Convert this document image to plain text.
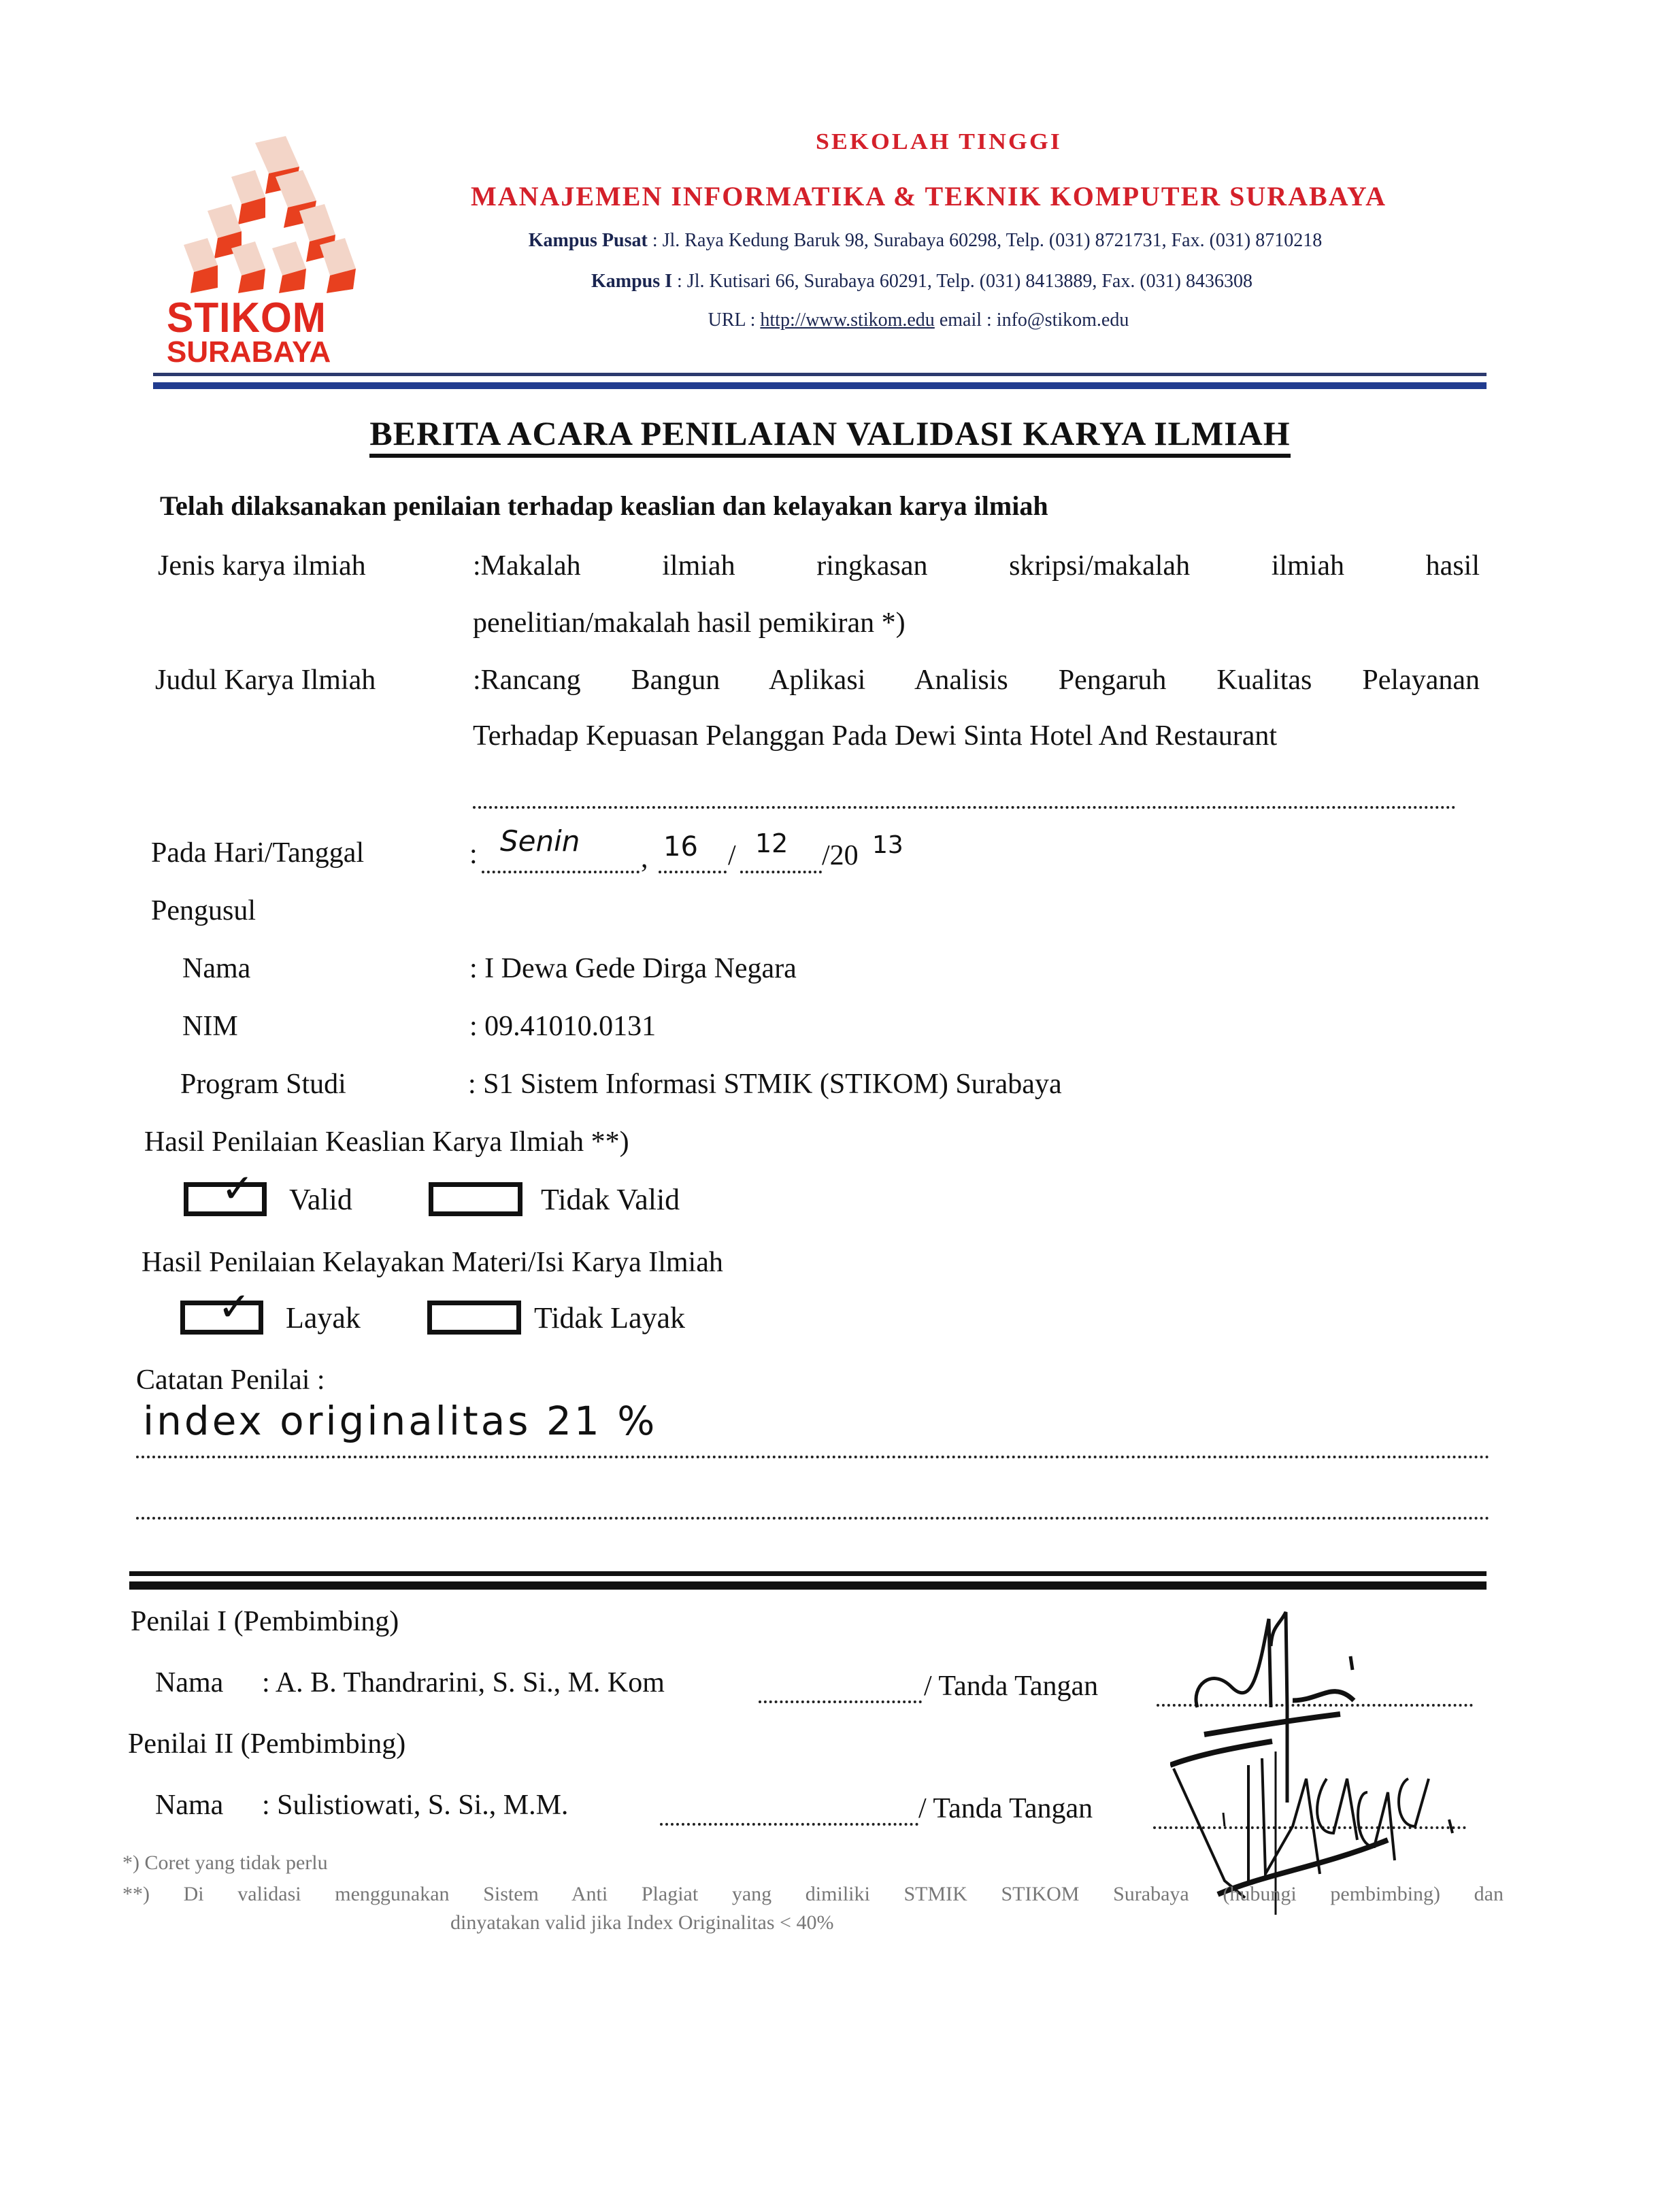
STIKOM
SURABAYA
SEKOLAH TINGGI
MANAJEMEN INFORMATIKA & TEKNIK KOMPUTER SURABAYA
Kampus Pusat : Jl. Raya Kedung Baruk 98, Surabaya 60298, Telp. (031) 8721731, Fax. (031) 8710218
Kampus I : Jl. Kutisari 66, Surabaya 60291, Telp. (031) 8413889, Fax. (031) 8436308
URL : http://www.stikom.edu email : info@stikom.edu
BERITA ACARA PENILAIAN VALIDASI KARYA ILMIAH
Telah dilaksanakan penilaian terhadap keaslian dan kelayakan karya ilmiah
Jenis karya ilmiah	:Makalah ilmiah ringkasan skripsi/makalah ilmiah hasil
penelitian/makalah hasil pemikiran *)
Judul Karya Ilmiah	:Rancang Bangun Aplikasi Analisis Pengaruh Kualitas Pelayanan
Terhadap Kepuasan Pelanggan Pada Dewi Sinta Hotel And Restaurant
Pada Hari/Tanggal	: Senin
, 16 / 12 /20 13
Pengusul
Nama	: I Dewa Gede Dirga Negara
NIM	: 09.41010.0131
Program Studi	: S1 Sistem Informasi STMIK (STIKOM) Surabaya
Hasil Penilaian Keaslian Karya Ilmiah **)
✓ Valid	Tidak Valid
Hasil Penilaian Kelayakan Materi/Isi Karya Ilmiah
✓ Layak	Tidak Layak
Catatan Penilai :
index originalitas 21 %
Penilai I (Pembimbing)
Nama : A. B. Thandrarini, S. Si., M. Kom	/ Tanda Tangan
Penilai II (Pembimbing)
Nama : Sulistiowati, S. Si., M.M.	/ Tanda Tangan
*) Coret yang tidak perlu
**) Di validasi menggunakan Sistem Anti Plagiat yang dimiliki STMIK STIKOM Surabaya (hubungi pembimbing) dan
dinyatakan valid jika Index Originalitas < 40%
